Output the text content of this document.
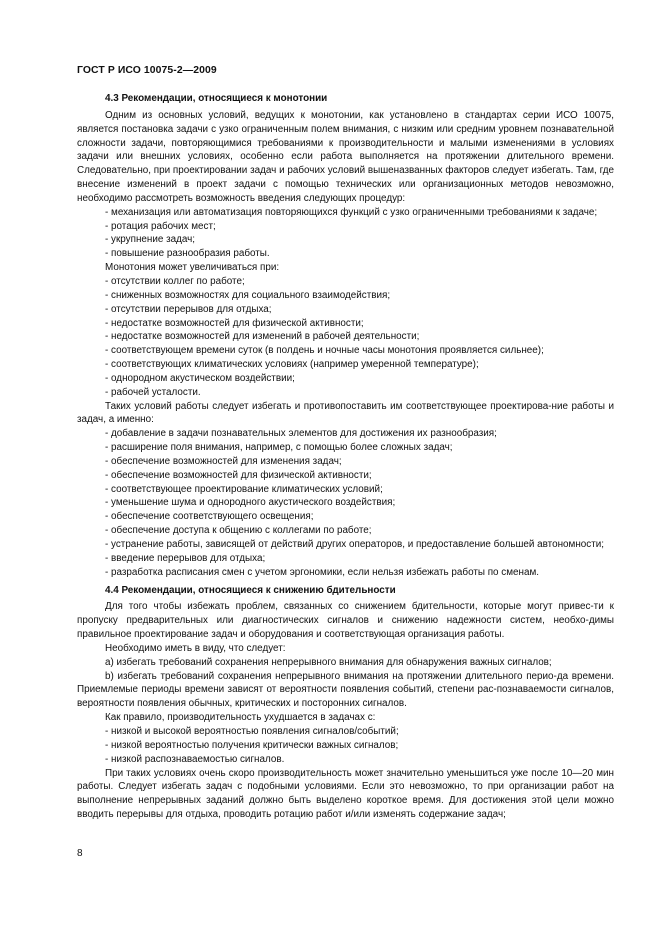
ГОСТ Р ИСО 10075-2—2009

4.3 Рекомендации, относящиеся к монотонии

Одним из основных условий, ведущих к монотонии, как установлено в стандартах серии ИСО 10075, является постановка задачи с узко ограниченным полем внимания, с низким или средним уровнем познавательной сложности задачи, повторяющимися требованиями к производительности и малыми изменениями в условиях задачи или внешних условиях, особенно если работа выполняется на протяжении длительного времени. Следовательно, при проектировании задач и рабочих условий вышеназванных факторов следует избегать. Там, где внесение изменений в проект задачи с помощью технических или организационных методов невозможно, необходимо рассмотреть возможность введения следующих процедур:

- механизация или автоматизация повторяющихся функций с узко ограниченными требованиями к задаче;

- ротация рабочих мест;

- укрупнение задач;

- повышение разнообразия работы.

Монотония может увеличиваться при:

- отсутствии коллег по работе;

- сниженных возможностях для социального взаимодействия;

- отсутствии перерывов для отдыха;

- недостатке возможностей для физической активности;

- недостатке возможностей для изменений в рабочей деятельности;

- соответствующем времени суток (в полдень и ночные часы монотония проявляется сильнее);

- соответствующих климатических условиях (например умеренной температуре);

- однородном акустическом воздействии;

- рабочей усталости.

Таких условий работы следует избегать и противопоставить им соответствующее проектирова-ние работы и задач, а именно:

- добавление в задачи познавательных элементов для достижения их разнообразия;

- расширение поля внимания, например, с помощью более сложных задач;

- обеспечение возможностей для изменения задач;

- обеспечение возможностей для физической активности;

- соответствующее проектирование климатических условий;

- уменьшение шума и однородного акустического воздействия;

- обеспечение соответствующего освещения;

- обеспечение доступа к общению с коллегами по работе;

- устранение работы, зависящей от действий других операторов, и предоставление большей автономности;

- введение перерывов для отдыха;

- разработка расписания смен с учетом эргономики, если нельзя избежать работы по сменам.

4.4 Рекомендации, относящиеся к снижению бдительности

Для того чтобы избежать проблем, связанных со снижением бдительности, которые могут привес-ти к пропуску предварительных или диагностических сигналов и снижению надежности систем, необхо-димы правильное проектирование задач и оборудования и соответствующая организация работы.

Необходимо иметь в виду, что следует:

a) избегать требований сохранения непрерывного внимания для обнаружения важных сигналов;

b) избегать требований сохранения непрерывного внимания на протяжении длительного перио-да времени. Приемлемые периоды времени зависят от вероятности появления событий, степени рас-познаваемости сигналов, вероятности появления обычных, критических и посторонних сигналов.

Как правило, производительность ухудшается в задачах с:

- низкой и высокой вероятностью появления сигналов/событий;

- низкой вероятностью получения критически важных сигналов;

- низкой распознаваемостью сигналов.

При таких условиях очень скоро производительность может значительно уменьшиться уже после 10—20 мин работы. Следует избегать задач с подобными условиями. Если это невозможно, то при организации работ на выполнение непрерывных заданий должно быть выделено короткое время. Для достижения этой цели можно вводить перерывы для отдыха, проводить ротацию работ и/или изменять содержание задач;

8
